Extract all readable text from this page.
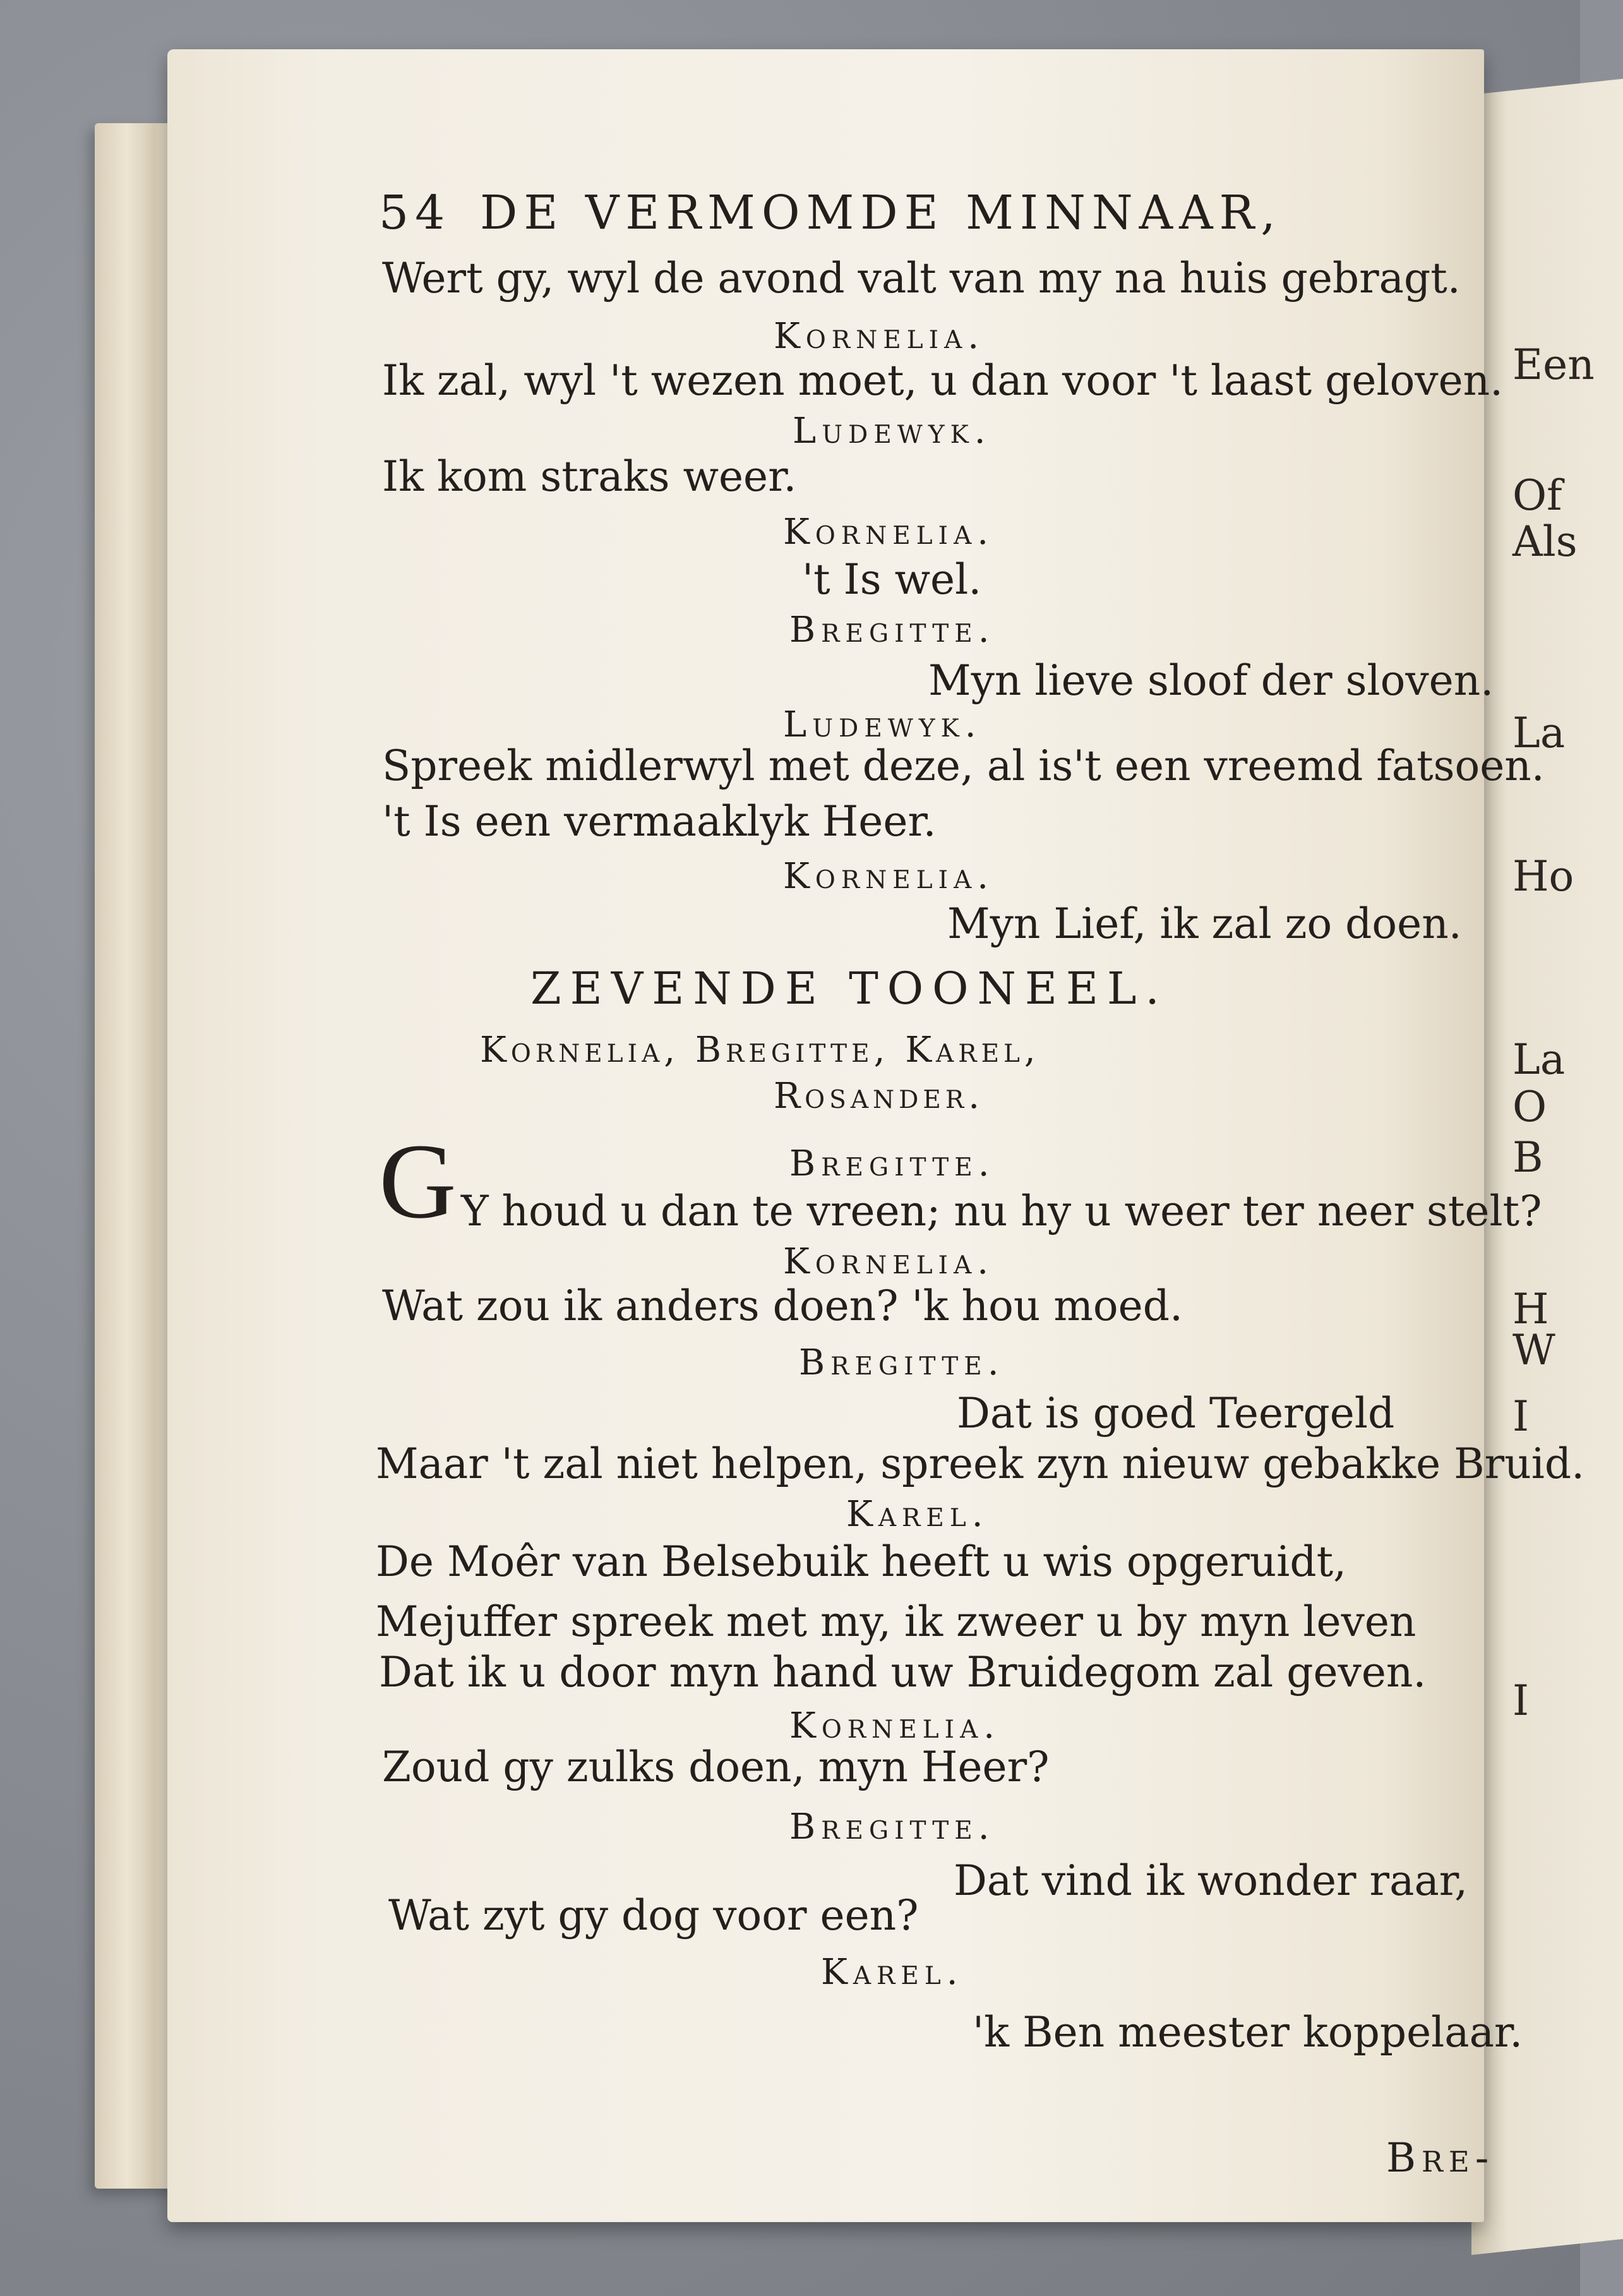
Een
Of
Als
La
Ho
La
O
B
H
W
I
I
54 DE VERMOMDE MINNAAR,
Wert gy, wyl de avond valt van my na huis gebragt.
Kornelia.
Ik zal, wyl 't wezen moet, u dan voor 't laast geloven.
Ludewyk.
Ik kom straks weer.
Kornelia.
't Is wel.
Bregitte.
Myn lieve sloof der sloven.
Ludewyk.
Spreek midlerwyl met deze, al is't een vreemd fatsoen.
't Is een vermaaklyk Heer.
Kornelia.
Myn Lief, ik zal zo doen.
ZEVENDE TOONEEL.
Kornelia, Bregitte, Karel,
Rosander.
Bregitte.
G Y houd u dan te vreen; nu hy u weer ter neer stelt?
Kornelia.
Wat zou ik anders doen? 'k hou moed.
Bregitte.
Dat is goed Teergeld
Maar 't zal niet helpen, spreek zyn nieuw gebakke Bruid.
Karel.
De Moêr van Belsebuik heeft u wis opgeruidt,
Mejuffer spreek met my, ik zweer u by myn leven
Dat ik u door myn hand uw Bruidegom zal geven.
Kornelia.
Zoud gy zulks doen, myn Heer?
Bregitte.
Dat vind ik wonder raar,
Wat zyt gy dog voor een?
Karel.
'k Ben meester koppelaar.
Bre-
